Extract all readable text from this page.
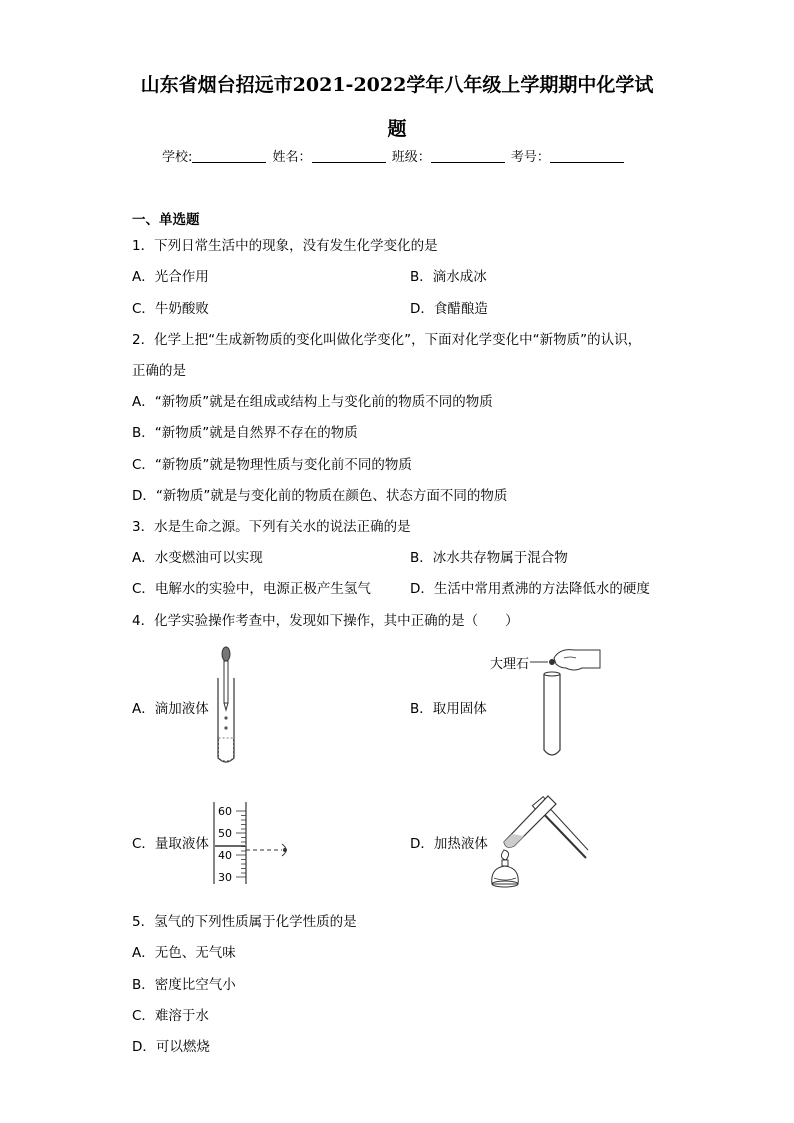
山东省烟台招远市2021-2022学年八年级上学期期中化学试
题
学校:	姓名：	班级：	考号：
一、单选题
1．下列日常生活中的现象，没有发生化学变化的是
A．光合作用	B．滴水成冰
C．牛奶酸败	D．食醋酿造
2．化学上把“生成新物质的变化叫做化学变化”，下面对化学变化中“新物质”的认识，
正确的是
A．“新物质”就是在组成或结构上与变化前的物质不同的物质
B．“新物质”就是自然界不存在的物质
C．“新物质”就是物理性质与变化前不同的物质
D．“新物质”就是与变化前的物质在颜色、状态方面不同的物质
3．水是生命之源。下列有关水的说法正确的是
A．水变燃油可以实现	B．冰水共存物属于混合物
C．电解水的实验中，电源正极产生氢气	D．生活中常用煮沸的方法降低水的硬度
4．化学实验操作考查中，发现如下操作，其中正确的是（　　）
A．滴加液体	B．取用固体
大理石
C．量取液体
60
50
40
30
D．加热液体
5．氢气的下列性质属于化学性质的是
A．无色、无气味
B．密度比空气小
C．难溶于水
D．可以燃烧
